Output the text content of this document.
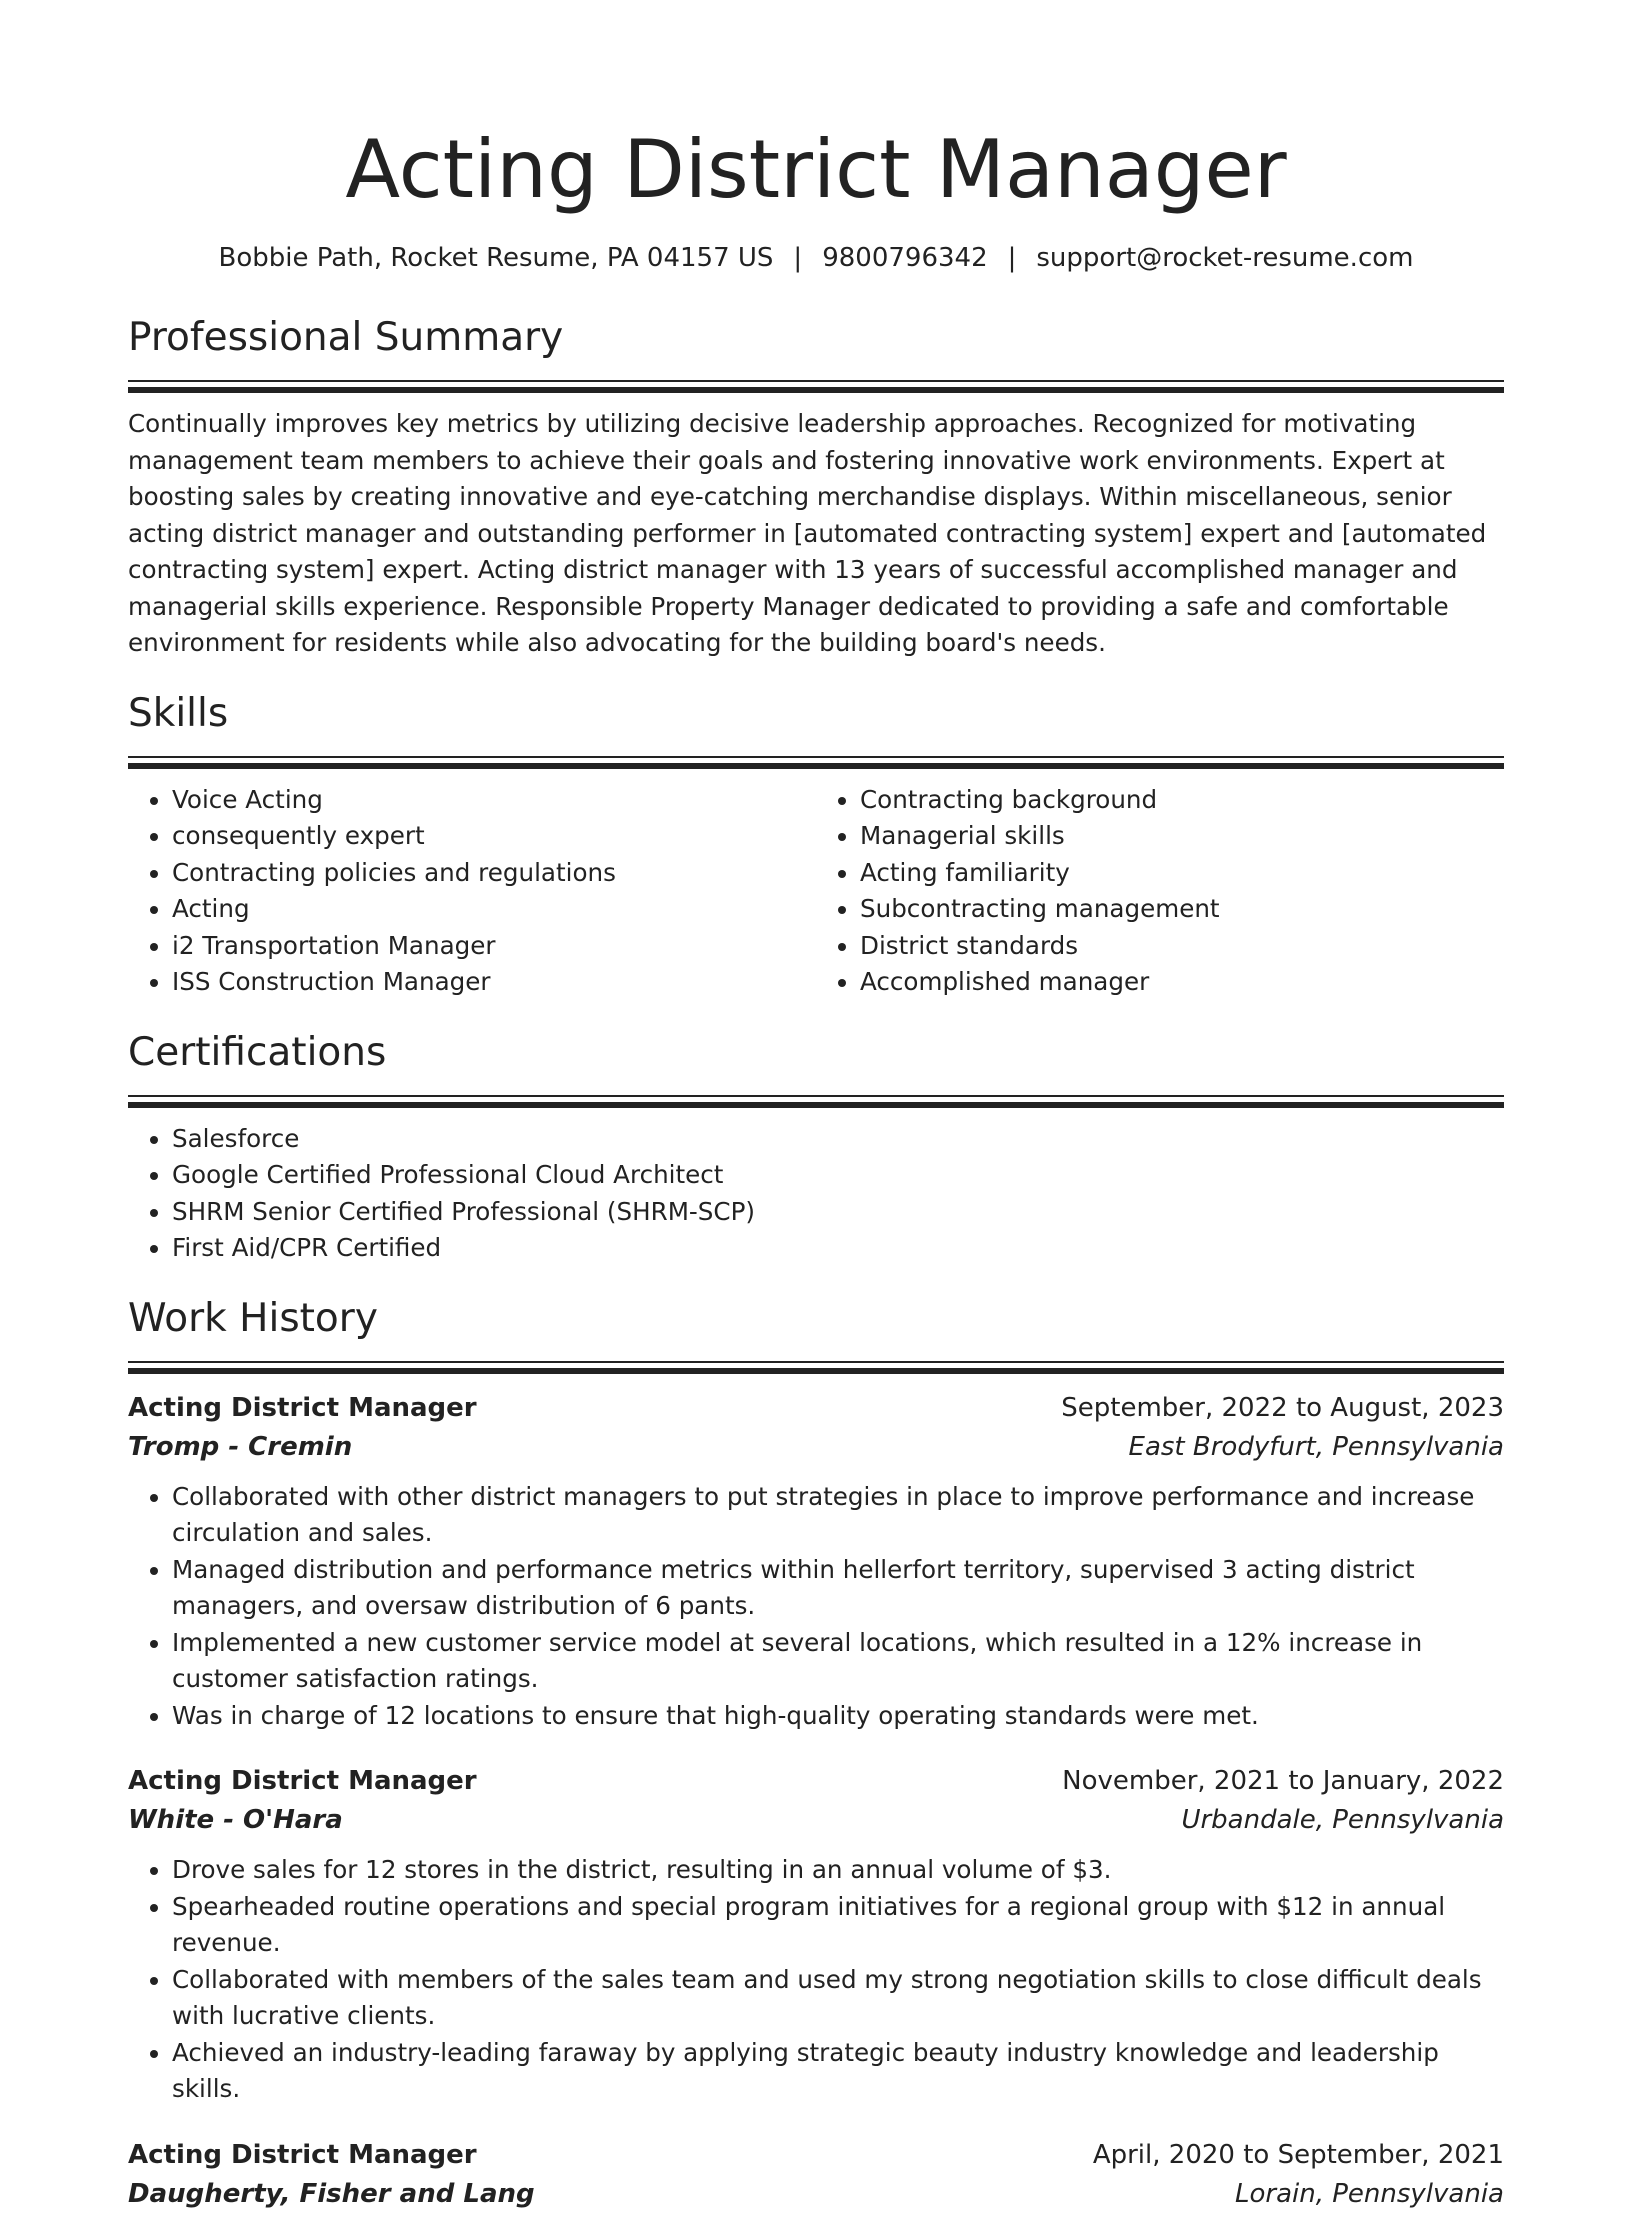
Acting District Manager
Bobbie Path, Rocket Resume, PA 04157 US | 9800796342 | support@rocket-resume.com
Professional Summary

Continually improves key metrics by utilizing decisive leadership approaches. Recognized for motivating management team members to achieve their goals and fostering innovative work environments. Expert at boosting sales by creating innovative and eye-catching merchandise displays. Within miscellaneous, senior acting district manager and outstanding performer in [automated contracting system] expert and [automated contracting system] expert. Acting district manager with 13 years of successful accomplished manager and managerial skills experience. Responsible Property Manager dedicated to providing a safe and comfortable environment for residents while also advocating for the building board's needs.

Skills
• Voice Acting
• consequently expert
• Contracting policies and regulations
• Acting
• i2 Transportation Manager
• ISS Construction Manager
• Contracting background
• Managerial skills
• Acting familiarity
• Subcontracting management
• District standards
• Accomplished manager
Certifications
• Salesforce
• Google Certified Professional Cloud Architect
• SHRM Senior Certified Professional (SHRM-SCP)
• First Aid/CPR Certified
Work History
Acting District Manager	September, 2022 to August, 2023
Tromp - Cremin	East Brodyfurt, Pennsylvania
• Collaborated with other district managers to put strategies in place to improve performance and increase circulation and sales.
• Managed distribution and performance metrics within hellerfort territory, supervised 3 acting district managers, and oversaw distribution of 6 pants.
• Implemented a new customer service model at several locations, which resulted in a 12% increase in customer satisfaction ratings.
• Was in charge of 12 locations to ensure that high-quality operating standards were met.
Acting District Manager	November, 2021 to January, 2022
White - O'Hara	Urbandale, Pennsylvania
• Drove sales for 12 stores in the district, resulting in an annual volume of $3.
• Spearheaded routine operations and special program initiatives for a regional group with $12 in annual revenue.
• Collaborated with members of the sales team and used my strong negotiation skills to close difficult deals with lucrative clients.
• Achieved an industry-leading faraway by applying strategic beauty industry knowledge and leadership skills.
Acting District Manager	April, 2020 to September, 2021
Daugherty, Fisher and Lang	Lorain, Pennsylvania
